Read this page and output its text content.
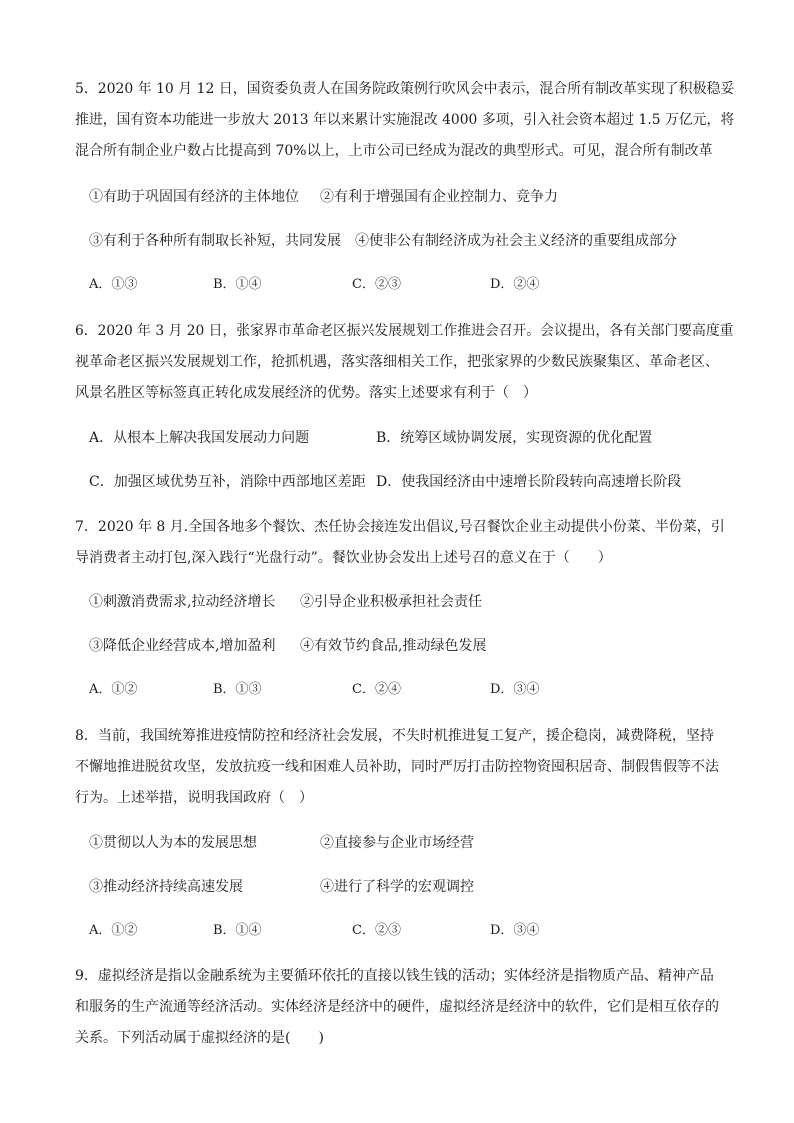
5．2020 年 10 月 12 日，国资委负责人在国务院政策例行吹风会中表示，混合所有制改革实现了积极稳妥
推进，国有资本功能进一步放大 2013 年以来累计实施混改 4000 多项，引入社会资本超过 1.5 万亿元，将
混合所有制企业户数占比提高到 70%以上，上市公司已经成为混改的典型形式。可见，混合所有制改革
①有助于巩固国有经济的主体地位 ②有利于增强国有企业控制力、竞争力
③有利于各种所有制取长补短，共同发展 ④使非公有制经济成为社会主义经济的重要组成部分
A．①③	B．①④	C．②③	D．②④
6．2020 年 3 月 20 日，张家界市革命老区振兴发展规划工作推进会召开。会议提出，各有关部门要高度重
视革命老区振兴发展规划工作，抢抓机遇，落实落细相关工作，把张家界的少数民族聚集区、革命老区、
风景名胜区等标签真正转化成发展经济的优势。落实上述要求有利于（　）
A．从根本上解决我国发展动力问题	B．统筹区域协调发展，实现资源的优化配置
C．加强区域优势互补，消除中西部地区差距 D．使我国经济由中速增长阶段转向高速增长阶段
7．2020 年 8 月.全国各地多个餐饮、杰任协会接连发出倡议,号召餐饮企业主动提供小份菜、半份菜，引
导消费者主动打包,深入践行“光盘行动”。餐饮业协会发出上述号召的意义在于（　　）
①刺激消费需求,拉动经济增长 ②引导企业积极承担社会责任
③降低企业经营成本,增加盈利 ④有效节约食品,推动绿色发展
A．①②	B．①③	C．②④	D．③④
8．当前，我国统筹推进疫情防控和经济社会发展，不失时机推进复工复产，援企稳岗，减费降税，坚持
不懈地推进脱贫攻坚，发放抗疫一线和困难人员补助，同时严厉打击防控物资囤积居奇、制假售假等不法
行为。上述举措，说明我国政府（　）
①贯彻以人为本的发展思想	②直接参与企业市场经营
③推动经济持续高速发展	④进行了科学的宏观调控
A．①②	B．①④	C．②③	D．③④
9．虚拟经济是指以金融系统为主要循环依托的直接以钱生钱的活动；实体经济是指物质产品、精神产品
和服务的生产流通等经济活动。实体经济是经济中的硬件，虚拟经济是经济中的软件，它们是相互依存的
关系。下列活动属于虚拟经济的是(　　)
